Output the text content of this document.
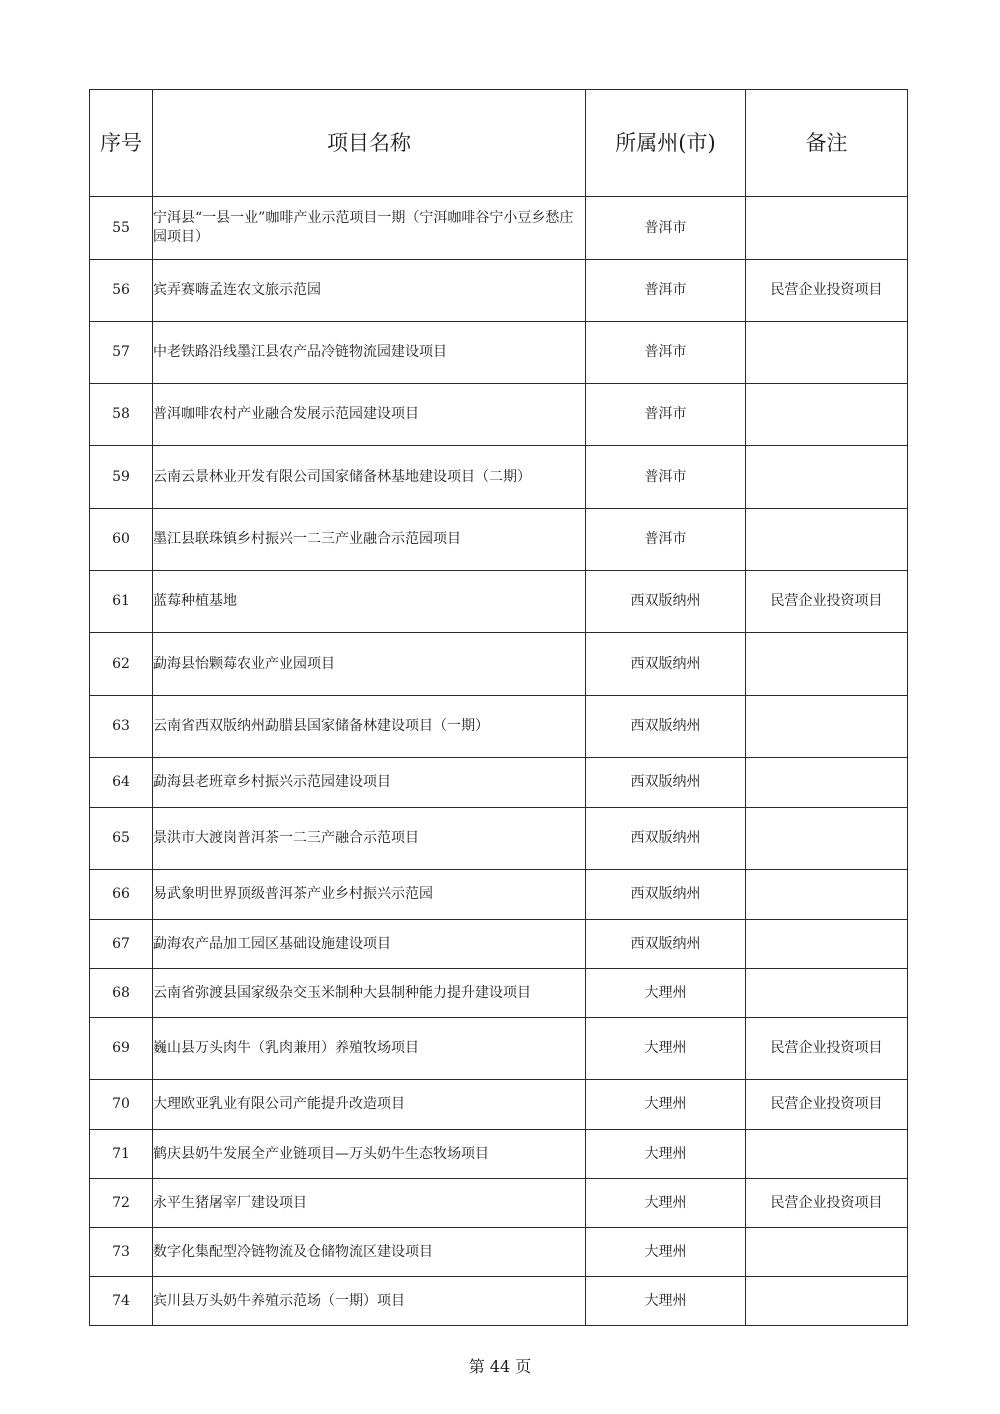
序号	项目名称	所属州(市)	备注
55	宁洱县“一县一业”咖啡产业示范项目一期（宁洱咖啡谷宁小豆乡愁庄园项目）	普洱市	
56	宾弄赛嗨孟连农文旅示范园	普洱市	民营企业投资项目
57	中老铁路沿线墨江县农产品冷链物流园建设项目	普洱市	
58	普洱咖啡农村产业融合发展示范园建设项目	普洱市	
59	云南云景林业开发有限公司国家储备林基地建设项目（二期）	普洱市	
60	墨江县联珠镇乡村振兴一二三产业融合示范园项目	普洱市	
61	蓝莓种植基地	西双版纳州	民营企业投资项目
62	勐海县怡颗莓农业产业园项目	西双版纳州	
63	云南省西双版纳州勐腊县国家储备林建设项目（一期）	西双版纳州	
64	勐海县老班章乡村振兴示范园建设项目	西双版纳州	
65	景洪市大渡岗普洱茶一二三产融合示范项目	西双版纳州	
66	易武象明世界顶级普洱茶产业乡村振兴示范园	西双版纳州	
67	勐海农产品加工园区基础设施建设项目	西双版纳州	
68	云南省弥渡县国家级杂交玉米制种大县制种能力提升建设项目	大理州	
69	巍山县万头肉牛（乳肉兼用）养殖牧场项目	大理州	民营企业投资项目
70	大理欧亚乳业有限公司产能提升改造项目	大理州	民营企业投资项目
71	鹤庆县奶牛发展全产业链项目—万头奶牛生态牧场项目	大理州	
72	永平生猪屠宰厂建设项目	大理州	民营企业投资项目
73	数字化集配型冷链物流及仓储物流区建设项目	大理州	
74	宾川县万头奶牛养殖示范场（一期）项目	大理州	
第 44 页
